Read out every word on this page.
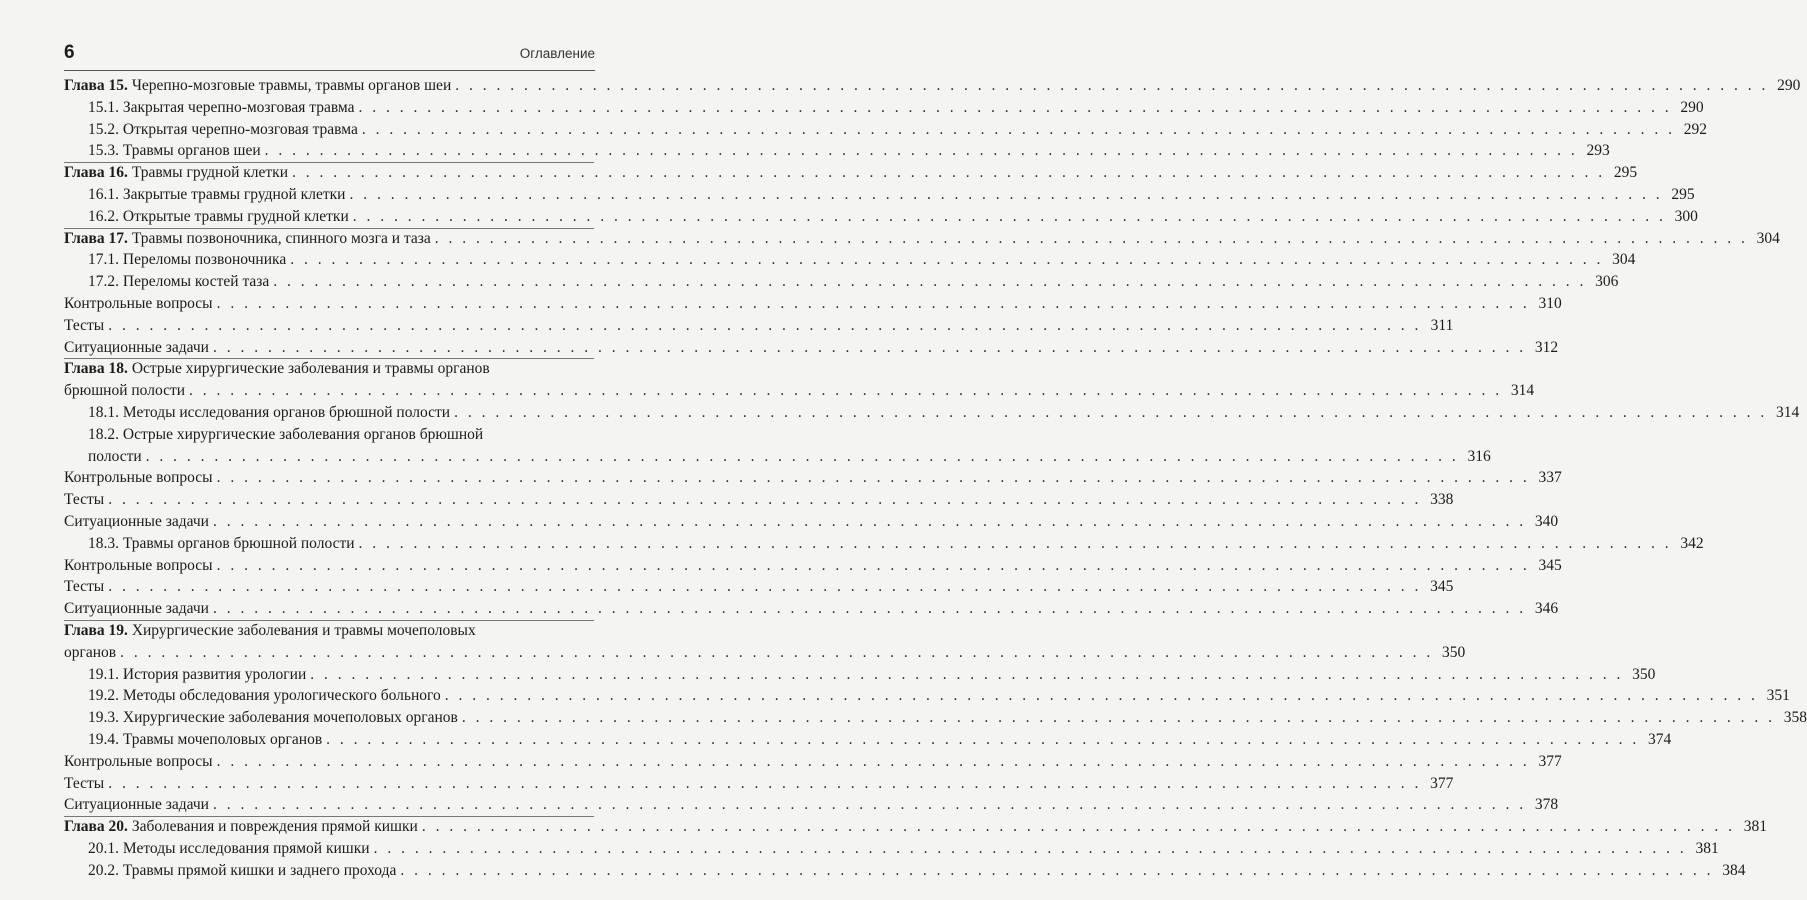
6	Оглавление
Глава 15. Черепно-мозговые травмы, травмы органов шеи . . .	290
15.1. Закрытая черепно-мозговая травма . . .	290
15.2. Открытая черепно-мозговая травма . . .	292
15.3. Травмы органов шеи . . .	293
Глава 16. Травмы грудной клетки . . .	295
16.1. Закрытые травмы грудной клетки . . .	295
16.2. Открытые травмы грудной клетки . . .	300
Глава 17. Травмы позвоночника, спинного мозга и таза . . .	304
17.1. Переломы позвоночника . . .	304
17.2. Переломы костей таза . . .	306
Контрольные вопросы . . .	310
Тесты . . .	311
Ситуационные задачи . . .	312
Глава 18. Острые хирургические заболевания и травмы органов
брюшной полости . . .	314
18.1. Методы исследования органов брюшной полости . . .	314
18.2. Острые хирургические заболевания органов брюшной
полости . . .	316
Контрольные вопросы . . .	337
Тесты . . .	338
Ситуационные задачи . . .	340
18.3. Травмы органов брюшной полости . . .	342
Контрольные вопросы . . .	345
Тесты . . .	345
Ситуационные задачи . . .	346
Глава 19. Хирургические заболевания и травмы мочеполовых
органов . . .	350
19.1. История развития урологии . . .	350
19.2. Методы обследования урологического больного . . .	351
19.3. Хирургические заболевания мочеполовых органов . . .	358
19.4. Травмы мочеполовых органов . . .	374
Контрольные вопросы . . .	377
Тесты . . .	377
Ситуационные задачи . . .	378
Глава 20. Заболевания и повреждения прямой кишки . . .	381
20.1. Методы исследования прямой кишки . . .	381
20.2. Травмы прямой кишки и заднего прохода . . .	384
